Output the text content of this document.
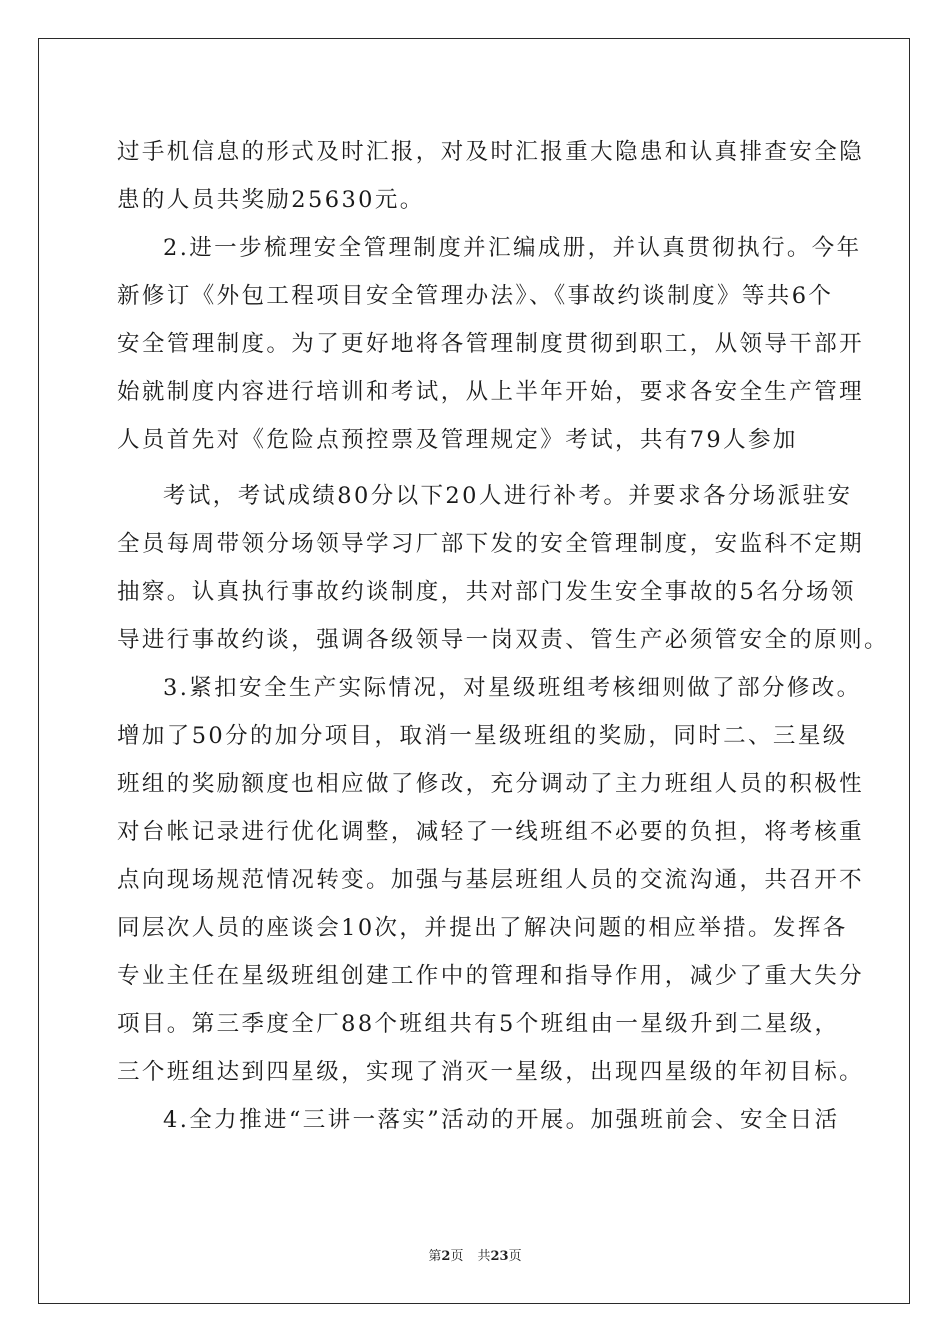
过手机信息的形式及时汇报，对及时汇报重大隐患和认真排查安全隐
患的人员共奖励25630元。
2.进一步梳理安全管理制度并汇编成册，并认真贯彻执行。今年
新修订《外包工程项目安全管理办法》、《事故约谈制度》等共6个
安全管理制度。为了更好地将各管理制度贯彻到职工，从领导干部开
始就制度内容进行培训和考试，从上半年开始，要求各安全生产管理
人员首先对《危险点预控票及管理规定》考试，共有79人参加
考试，考试成绩80分以下20人进行补考。并要求各分场派驻安
全员每周带领分场领导学习厂部下发的安全管理制度，安监科不定期
抽察。认真执行事故约谈制度，共对部门发生安全事故的5名分场领
导进行事故约谈，强调各级领导一岗双责、管生产必须管安全的原则。
3.紧扣安全生产实际情况，对星级班组考核细则做了部分修改。
增加了50分的加分项目，取消一星级班组的奖励，同时二、三星级
班组的奖励额度也相应做了修改，充分调动了主力班组人员的积极性
对台帐记录进行优化调整，减轻了一线班组不必要的负担，将考核重
点向现场规范情况转变。加强与基层班组人员的交流沟通，共召开不
同层次人员的座谈会10次，并提出了解决问题的相应举措。发挥各
专业主任在星级班组创建工作中的管理和指导作用，减少了重大失分
项目。第三季度全厂88个班组共有5个班组由一星级升到二星级，
三个班组达到四星级，实现了消灭一星级，出现四星级的年初目标。
4.全力推进“三讲一落实”活动的开展。加强班前会、安全日活
第2页 共23页
